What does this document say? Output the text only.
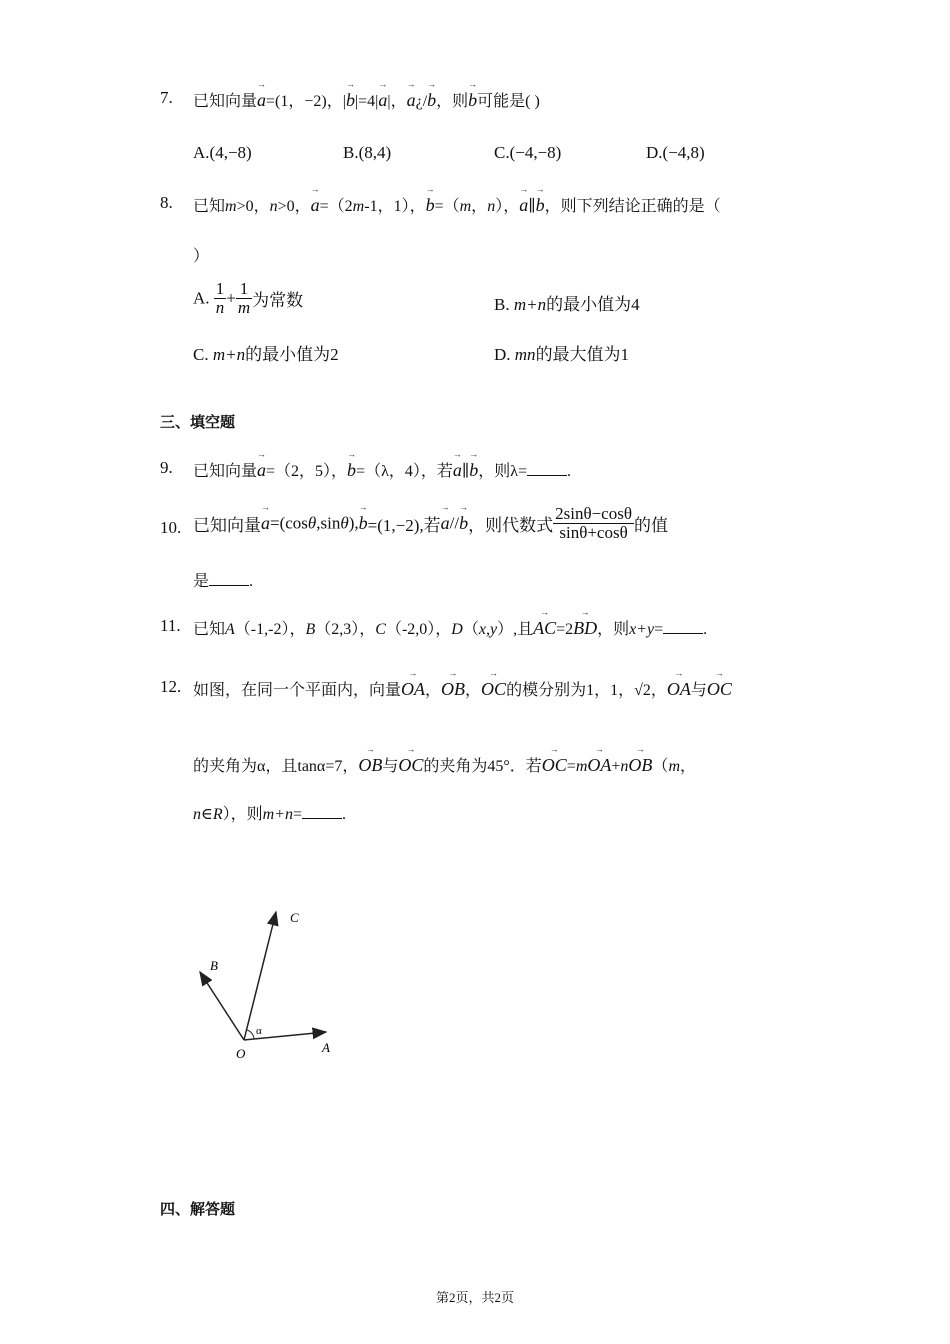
7. 已知向量→ a=(1，−2)，|→ b|=4|→ a|，→ a¿/→ b，则→ b可能是( )
A.(4,−8)	B.(8,4)	C.(−4,−8)	D.(−4,8)
8. 已知m>0，n>0，→ a=（2m-1，1），→ b=（m，n），→ a∥→ b，则下列结论正确的是（
）
A. $\frac{1}{n} + \frac{1}{m}$ 为常数	B. m+n的最小值为4
C. m+n的最小值为2	D. mn的最大值为1
三、填空题
9. 已知向量→ a=（2，5），→ b=（λ，4），若→ a∥→ b，则λ=	.
10. 已知向量→ a=(cosθ,sinθ),→ b=(1,−2),若→ a//→ b，则代数式 $\frac{2\sin\theta-\cos\theta}{\sin\theta+\cos\theta}$ 的值
是	.
11. 已知A（-1,-2），B（2,3），C（-2,0），D（x,y）,且→ AC=2→ BD，则x+y=	.
12. 如图，在同一个平面内，向量→ OA，→ OB，→ OC的模分别为1，1，√2，→ OA与→ OC
的夹角为α，且tanα=7，→ OB与→ OC的夹角为45°．若→ OC=m→ OA+n→ OB（m，
n∈R），则m+n=	.
O	A
B
C
α
四、解答题
第2页，共2页
